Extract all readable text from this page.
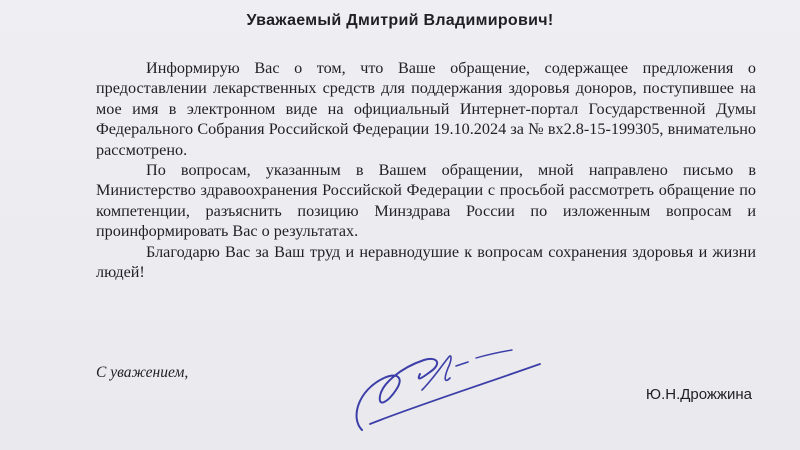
Уважаемый Дмитрий Владимирович!

Информирую Вас о том, что Ваше обращение, содержащее предложения о предоставлении лекарственных средств для поддержания здоровья доноров, поступившее на мое имя в электронном виде на официальный Интернет-портал Государственной Думы Федерального Собрания Российской Федерации 19.10.2024 за № вх2.8-15-199305, внимательно рассмотрено.

По вопросам, указанным в Вашем обращении, мной направлено письмо в Министерство здравоохранения Российской Федерации с просьбой рассмотреть обращение по компетенции, разъяснить позицию Минздрава России по изложенным вопросам и проинформировать Вас о результатах.

Благодарю Вас за Ваш труд и неравнодушие к вопросам сохранения здоровья и жизни людей!

С уважением,

Ю.Н.Дрожжина
